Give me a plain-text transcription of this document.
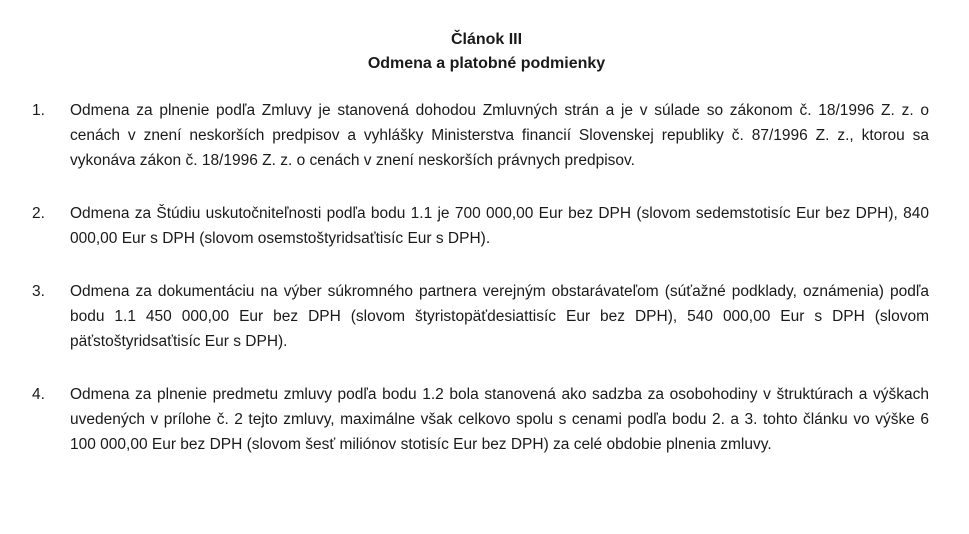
Článok III
Odmena a platobné podmienky
1.	Odmena za plnenie podľa Zmluvy je stanovená dohodou Zmluvných strán a je v súlade so zákonom č. 18/1996 Z. z. o cenách v znení neskorších predpisov a vyhlášky Ministerstva financií Slovenskej republiky č. 87/1996 Z. z., ktorou sa vykonáva zákon č. 18/1996 Z. z. o cenách v znení neskorších právnych predpisov.
2.	Odmena za Štúdiu uskutočniteľnosti podľa bodu 1.1 je 700 000,00 Eur bez DPH (slovom sedemstotisíc Eur bez DPH), 840 000,00 Eur s DPH (slovom osemstoštyridsaťtisíc Eur s DPH).
3.	Odmena za dokumentáciu na výber súkromného partnera verejným obstarávateľom (súťažné podklady, oznámenia) podľa bodu 1.1 450 000,00 Eur bez DPH (slovom štyristopäťdesiattisíc Eur bez DPH), 540 000,00 Eur s DPH (slovom päťstoštyridsaťtisíc Eur s DPH).
4.	Odmena za plnenie predmetu zmluvy podľa bodu 1.2 bola stanovená ako sadzba za osobohodiny v štruktúrach a výškach uvedených v prílohe č. 2 tejto zmluvy, maximálne však celkovo spolu s cenami podľa bodu 2. a 3. tohto článku vo výške 6 100 000,00 Eur bez DPH (slovom šesť miliónov stotisíc Eur bez DPH) za celé obdobie plnenia zmluvy.
